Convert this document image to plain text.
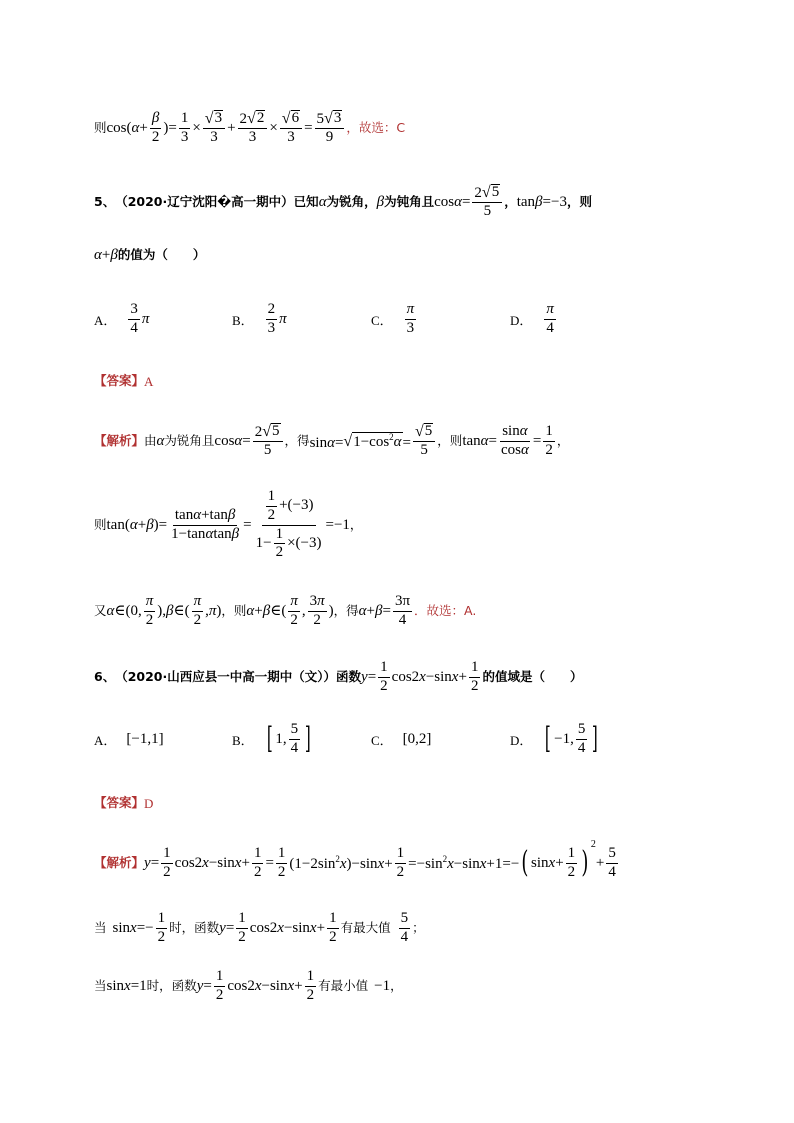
则 $\cos(\alpha+ \frac{\beta}{2}$ )= $\frac{1}{3} \times \frac{√ 3}{3} + \frac{2 √ 2}{3} \times \frac{√ 6}{3} = \frac{5 √ 3}{9}$ ，故选：C
5、 （2020·辽宁沈阳�高一期中） 已知 α 为锐角， β 为钝角且 $\cos\alpha= \frac{2 √ 5}{5}$ ， tanβ=−3 ，则
α + β 的值为（　　）
A． $\frac{3}{4}$ π	B． $\frac{2}{3}$ π	C． $\frac{\pi}{3}$	D． $\frac{\pi}{4}$
【答案】 A
【解析】 由 α 为锐角且 $\cos\alpha= \frac{2 √ 5}{5}$ ，得 sinα= √ $1-\cos^2\alpha = \frac{√ 5}{5}$ ，则 $\tan\alpha= \frac{\sin\alpha}{\cos\alpha} = \frac{1}{2}$ ，
则 $\tan(\alpha+\beta)= \frac{\tan\alpha+\tan\beta}{1-\tan\alpha\tan\beta} = \frac{\frac{1}{2} +(-3)}{1- \frac{1}{2} \times(-3)} =-1$ ，
又 α ∈(0, $\frac{\pi}{2}$ ), β ∈( $\frac{\pi}{2} ,\pi$) ，则 α + β ∈( $\frac{\pi}{2}$ , $\frac{3\pi}{2}$ ) ，得 $\alpha + \beta = \frac{3\pi}{4}$ ．故选：A.
6、 （2020·山西应县一中高一期中（文）） 函数 $y= \frac{1}{2} \cos 2x-\sin x+ \frac{1}{2}$ 的值域是（　　）
A． [−1,1]	B． [ 1, $\frac{5}{4}$ ]	C． [0,2]	D． [ −1, $\frac{5}{4}$ ]
【答案】 D
【解析】 $y= \frac{1}{2} \cos 2x-\sin x+ \frac{1}{2} = \frac{1}{2} (1-2\sin^2x)-\sin x+ \frac{1}{2} =-\sin^2x-\sin x+1=-$ ( $\sin x+ \frac{1}{2}$ )
2
+ $\frac{5}{4}$
当 $\sin x=- \frac{1}{2}$ 时，函数 $y= \frac{1}{2} \cos 2x-\sin x+ \frac{1}{2}$ 有最大值 $\frac{5}{4}$ ；
当 sinx=1 时，函数 $y= \frac{1}{2} \cos 2x-\sin x+ \frac{1}{2}$ 有最小值 −1 ，
